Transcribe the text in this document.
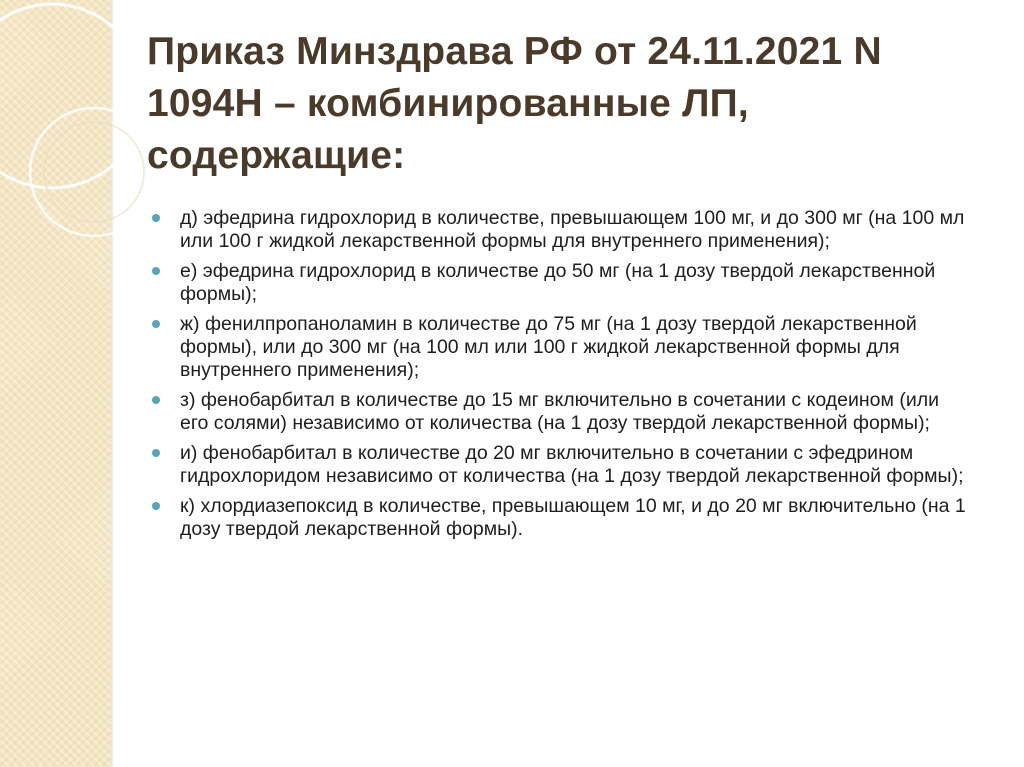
Приказ Минздрава РФ от 24.11.2021 N 1094Н – комбинированные ЛП, содержащие:
д) эфедрина гидрохлорид в количестве, превышающем 100 мг, и до 300 мг (на 100 мл или 100 г жидкой лекарственной формы для внутреннего применения);
е) эфедрина гидрохлорид в количестве до 50 мг (на 1 дозу твердой лекарственной формы);
ж) фенилпропаноламин в количестве до 75 мг (на 1 дозу твердой лекарственной формы), или до 300 мг (на 100 мл или 100 г жидкой лекарственной формы для внутреннего применения);
з) фенобарбитал в количестве до 15 мг включительно в сочетании с кодеином (или его солями) независимо от количества (на 1 дозу твердой лекарственной формы);
и) фенобарбитал в количестве до 20 мг включительно в сочетании с эфедрином гидрохлоридом независимо от количества (на 1 дозу твердой лекарственной формы);
к) хлордиазепоксид в количестве, превышающем 10 мг, и до 20 мг включительно (на 1 дозу твердой лекарственной формы).
